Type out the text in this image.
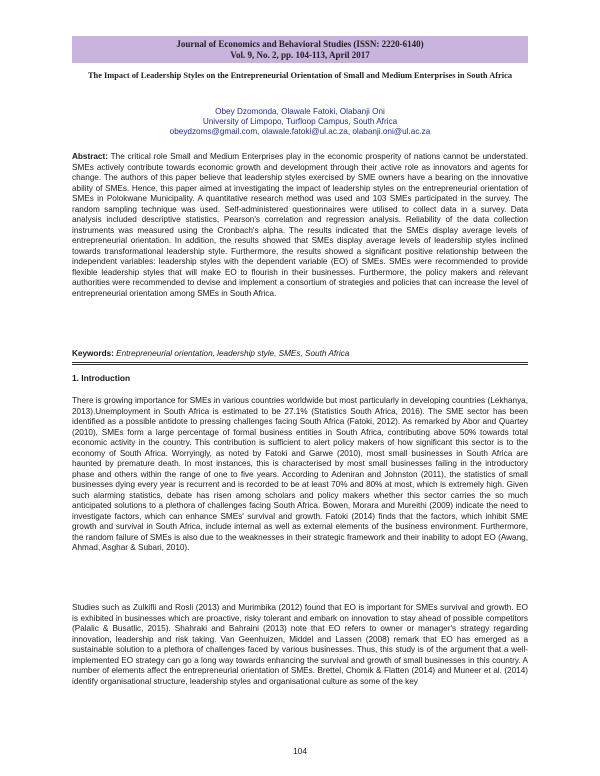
Journal of Economics and Behavioral Studies (ISSN: 2220-6140)
Vol. 9, No. 2, pp. 104-113, April 2017
The Impact of Leadership Styles on the Entrepreneurial Orientation of Small and Medium Enterprises in South Africa
Obey Dzomonda, Olawale Fatoki, Olabanji Oni
University of Limpopo, Turfloop Campus, South Africa
obeydzoms@gmail.com, olawale.fatoki@ul.ac.za, olabanji.oni@ul.ac.za
Abstract: The critical role Small and Medium Enterprises play in the economic prosperity of nations cannot be understated. SMEs actively contribute towards economic growth and development through their active role as innovators and agents for change. The authors of this paper believe that leadership styles exercised by SME owners have a bearing on the innovative ability of SMEs. Hence, this paper aimed at investigating the impact of leadership styles on the entrepreneurial orientation of SMEs in Polokwane Municipality. A quantitative research method was used and 103 SMEs participated in the survey. The random sampling technique was used. Self-administered questionnaires were utilised to collect data in a survey. Data analysis included descriptive statistics, Pearson's correlation and regression analysis. Reliability of the data collection instruments was measured using the Cronbach's alpha. The results indicated that the SMEs display average levels of entrepreneurial orientation. In addition, the results showed that SMEs display average levels of leadership styles inclined towards transformational leadership style. Furthermore, the results showed a significant positive relationship between the independent variables: leadership styles with the dependent variable (EO) of SMEs. SMEs were recommended to provide flexible leadership styles that will make EO to flourish in their businesses. Furthermore, the policy makers and relevant authorities were recommended to devise and implement a consortium of strategies and policies that can increase the level of entrepreneurial orientation among SMEs in South Africa.
Keywords: Entrepreneurial orientation, leadership style, SMEs, South Africa
1. Introduction
There is growing importance for SMEs in various countries worldwide but most particularly in developing countries (Lekhanya, 2013).Unemployment in South Africa is estimated to be 27.1% (Statistics South Africa, 2016). The SME sector has been identified as a possible antidote to pressing challenges facing South Africa (Fatoki, 2012). As remarked by Abor and Quartey (2010), SMEs form a large percentage of formal business entities in South Africa, contributing above 50% towards total economic activity in the country. This contribution is sufficient to alert policy makers of how significant this sector is to the economy of South Africa. Worryingly, as noted by Fatoki and Garwe (2010), most small businesses in South Africa are haunted by premature death. In most instances, this is characterised by most small businesses failing in the introductory phase and others within the range of one to five years. According to Adeniran and Johnston (2011), the statistics of small businesses dying every year is recurrent and is recorded to be at least 70% and 80% at most, which is extremely high. Given such alarming statistics, debate has risen among scholars and policy makers whether this sector carries the so much anticipated solutions to a plethora of challenges facing South Africa. Bowen, Morara and Mureithi (2009) indicate the need to investigate factors, which can enhance SMEs' survival and growth. Fatoki (2014) finds that the factors, which inhibit SME growth and survival in South Africa, include internal as well as external elements of the business environment. Furthermore, the random failure of SMEs is also due to the weaknesses in their strategic framework and their inability to adopt EO (Awang, Ahmad, Asghar & Subari, 2010).
Studies such as Zulkifli and Rosli (2013) and Murimbika (2012) found that EO is important for SMEs survival and growth. EO is exhibited in businesses which are proactive, risky tolerant and embark on innovation to stay ahead of possible competitors (Palalic & Busatlic, 2015). Shahraki and Bahraini (2013) note that EO refers to owner or manager's strategy regarding innovation, leadership and risk taking. Van Geenhuizen, Middel and Lassen (2008) remark that EO has emerged as a sustainable solution to a plethora of challenges faced by various businesses. Thus, this study is of the argument that a well-implemented EO strategy can go a long way towards enhancing the survival and growth of small businesses in this country. A number of elements affect the entrepreneurial orientation of SMEs. Brettel, Chomik & Flatten (2014) and Muneer et al. (2014) identify organisational structure, leadership styles and organisational culture as some of the key
104
